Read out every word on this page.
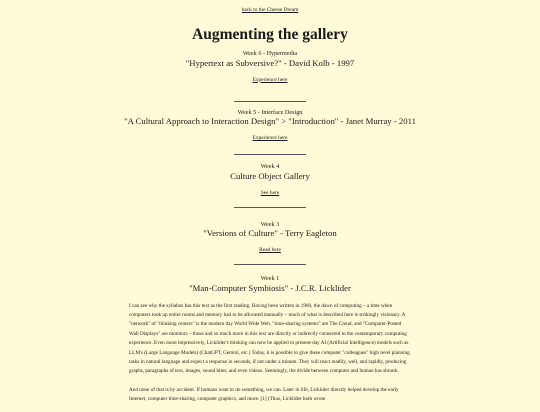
back to the Cheese Dream
Augmenting the gallery

Week 6 - Hypermedia

"Hypertext as Subversive?" - David Kolb - 1997

Experience here

Week 5 - Interface Design

"A Cultural Approach to Interaction Design" > "Introduction" - Janet Murray - 2011

Experience here

Week 4

Culture Object Gallery

See here

Week 3

"Versions of Culture" - Terry Eagleton

Read here

Week 1

"Man-Computer Symbiosis" - J.C.R. Licklider

I can see why the syllabus has this text as the first reading. Having been written in 1960, the dawn of computing – a time when computers took up entire rooms and memory had to be allocated manually – much of what is described here is strikingly visionary. A "network" of "thinking centers" is the modern day World Wide Web, "time-sharing systems" are The Cloud, and "Computer-Posted Wall Displays" are monitors – those and so much more in this text are directly or indirectly connected to the contemporary computing experience. Even more impressively, Licklider's thinking can now be applied to present-day AI (Artificial Intelligence) models such as LLM's (Large Language Models) (ChatGPT, Gemini, etc.) Today, it is possible to give these computer "colleagues" high level planning tasks in natural language and expect a response in seconds, if not under a minute. They will react readily, well, and rapidly, producing graphs, paragraphs of text, images, sound bites, and even videos. Seemingly, the divide between computer and human has shrunk.

And none of that is by accident. If humans want to do something, we can. Later in life, Licklider directly helped develop the early Internet, computer time-sharing, computer graphics, and more. [1] (Thus, Licklider both wrote
